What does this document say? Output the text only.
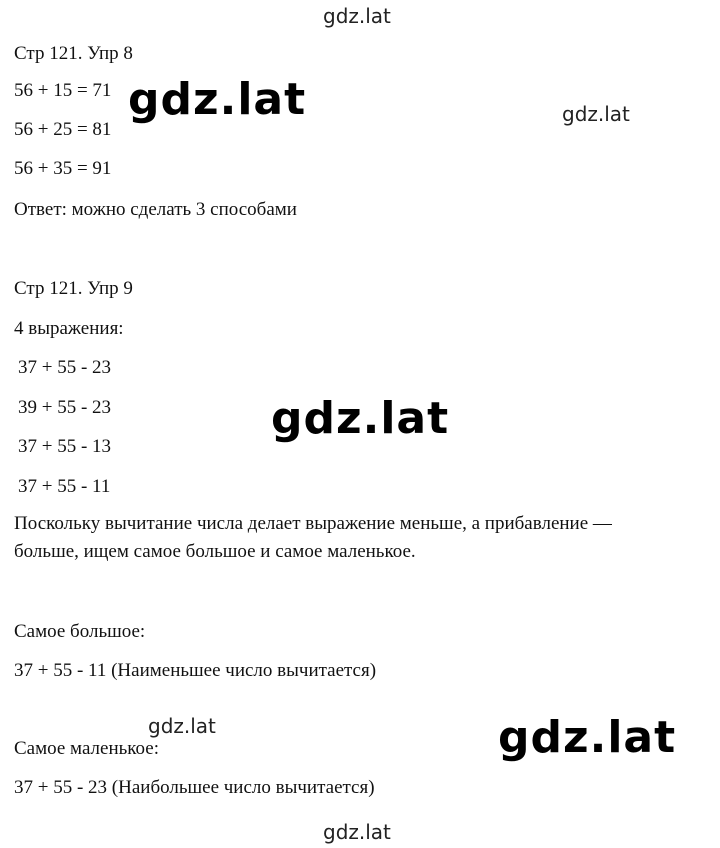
gdz.lat
gdz.lat	gdz.lat
gdz.lat
gdz.lat	gdz.lat
gdz.lat
Стр 121. Упр 8
56 + 15 = 71
56 + 25 = 81
56 + 35 = 91
Ответ: можно сделать 3 способами
Стр 121. Упр 9
4 выражения:
37 + 55 - 23
39 + 55 - 23
37 + 55 - 13
37 + 55 - 11
Поскольку вычитание числа делает выражение меньше, а прибавление —
больше, ищем самое большое и самое маленькое.
Самое большое:
37 + 55 - 11 (Наименьшее число вычитается)
Самое маленькое:
37 + 55 - 23 (Наибольшее число вычитается)
